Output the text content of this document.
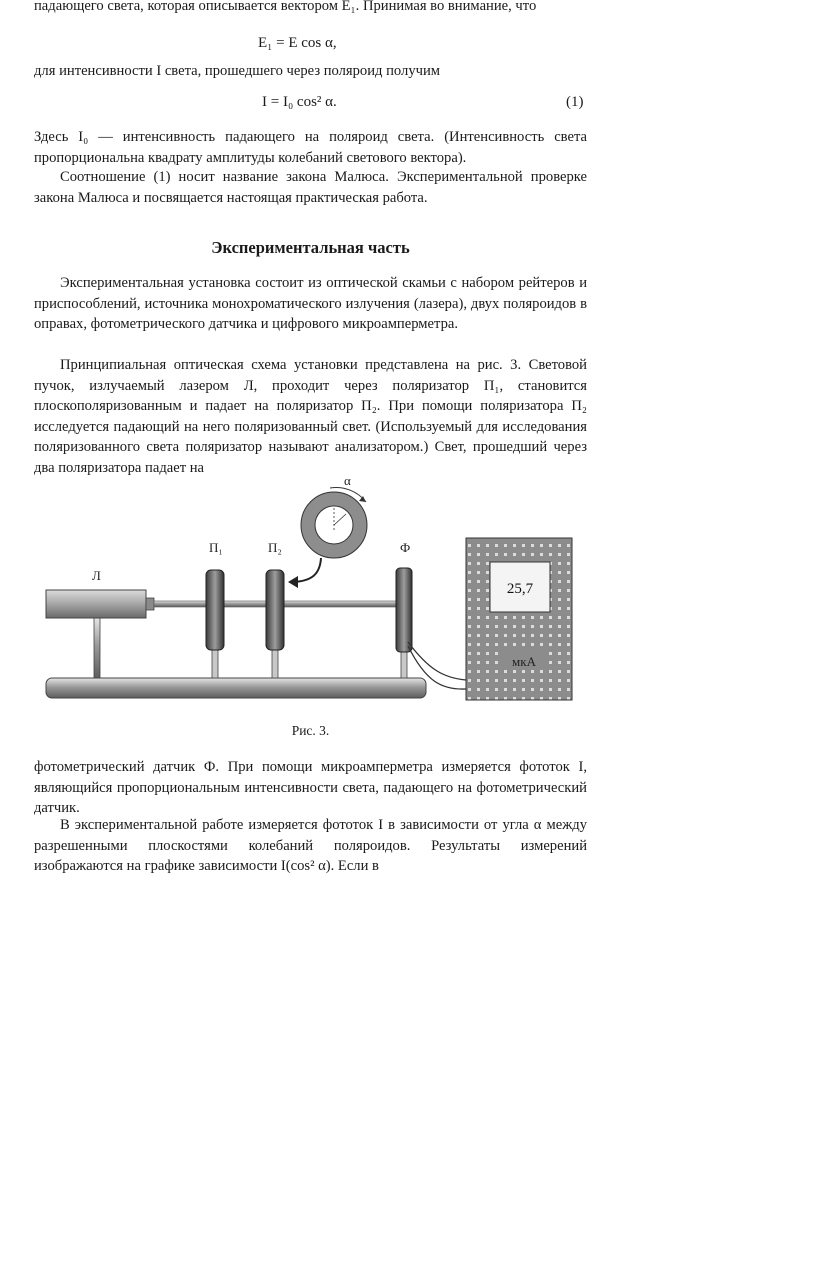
падающего света, которая описывается вектором E₁. Принимая во внимание, что
E₁ = E cos α,
для интенсивности I света, прошедшего через поляроид получим
I = I₀ cos² α.	(1)
Здесь I₀ — интенсивность падающего на поляроид света. (Интенсивность света пропорциональна квадрату амплитуды колебаний светового вектора).
Соотношение (1) носит название закона Малюса. Экспериментальной проверке закона Малюса и посвящается настоящая практическая работа.
Экспериментальная часть
Экспериментальная установка состоит из оптической скамьи с набором рейтеров и приспособлений, источника монохроматического излучения (лазера), двух поляроидов в оправах, фотометрического датчика и цифрового микроамперметра.
Принципиальная оптическая схема установки представлена на рис. 3. Световой пучок, излучаемый лазером Л, проходит через поляризатор П₁, становится плоскополяризованным и падает на поляризатор П₂. При помощи поляризатора П₂ исследуется падающий на него поляризованный свет. (Используемый для исследования поляризованного света поляризатор называют анализатором.) Свет, прошедший через два поляризатора падает на
25,7
мкА
α
Л
П₁	П₂	Ф
Рис. 3.
фотометрический датчик Ф. При помощи микроамперметра измеряется фототок I, являющийся пропорциональным интенсивности света, падающего на фотометрический датчик.
В экспериментальной работе измеряется фототок I в зависимости от угла α между разрешенными плоскостями колебаний поляроидов. Результаты измерений изображаются на графике зависимости I(cos² α). Если в
